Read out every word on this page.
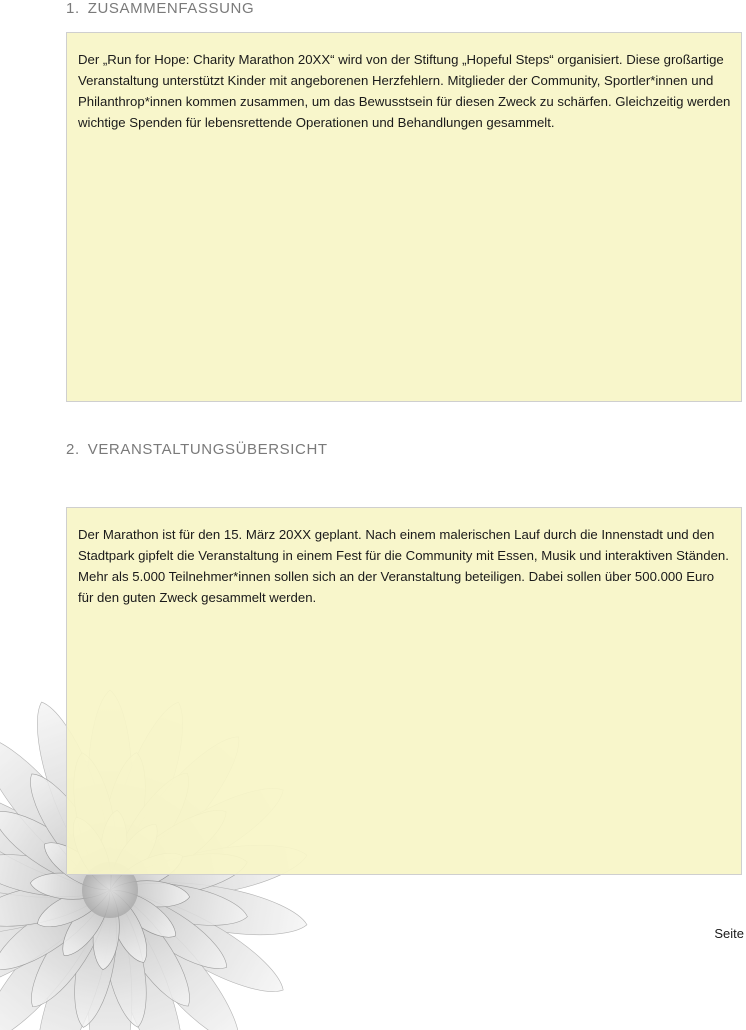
1. ZUSAMMENFASSUNG

Der „Run for Hope: Charity Marathon 20XX“ wird von der Stiftung „Hopeful Steps“ organisiert. Diese großartige Veranstaltung unterstützt Kinder mit angeborenen Herzfehlern. Mitglieder der Community, Sportler*innen und Philanthrop*innen kommen zusammen, um das Bewusstsein für diesen Zweck zu schärfen. Gleichzeitig werden wichtige Spenden für lebensrettende Operationen und Behandlungen gesammelt.

2. VERANSTALTUNGSÜBERSICHT

Der Marathon ist für den 15. März 20XX geplant. Nach einem malerischen Lauf durch die Innenstadt und den Stadtpark gipfelt die Veranstaltung in einem Fest für die Community mit Essen, Musik und interaktiven Ständen. Mehr als 5.000 Teilnehmer*innen sollen sich an der Veranstaltung beteiligen. Dabei sollen über 500.000 Euro für den guten Zweck gesammelt werden.

Seite
